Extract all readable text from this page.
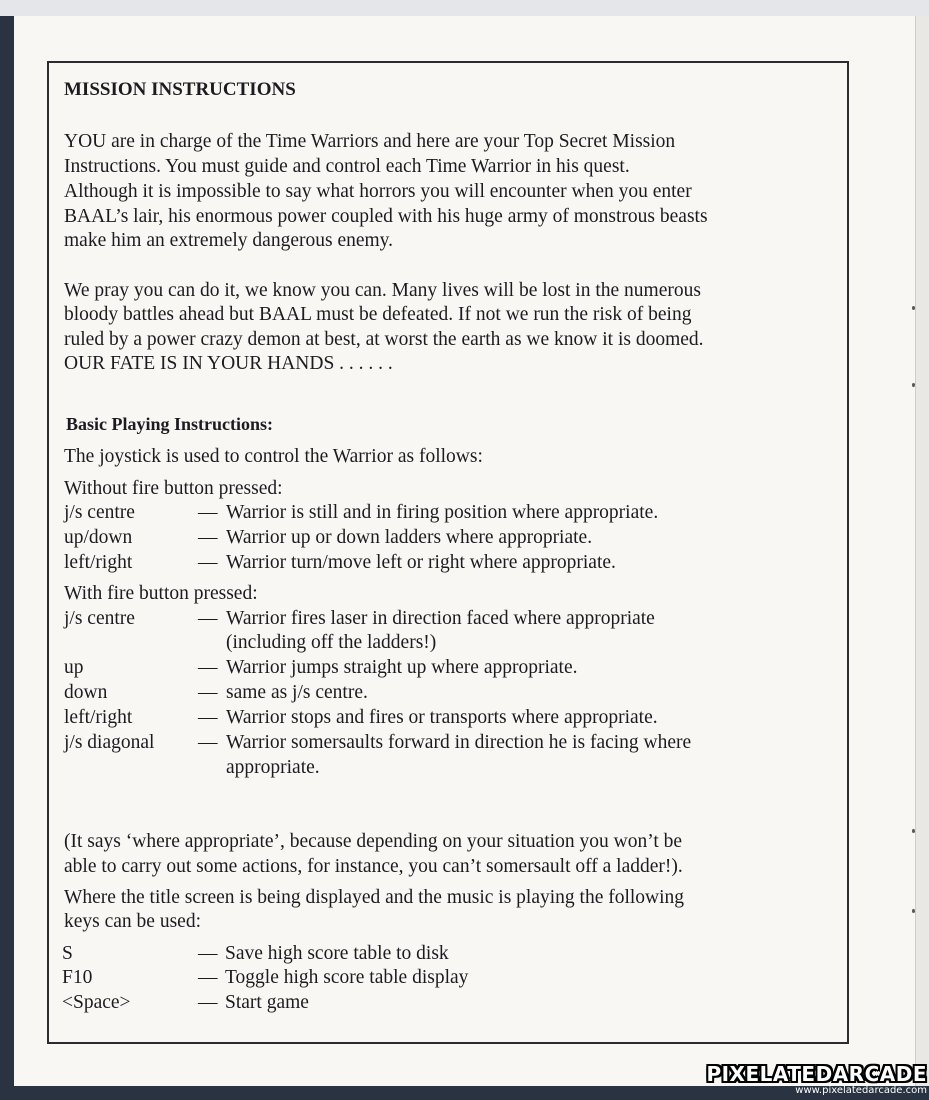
MISSION INSTRUCTIONS
YOU are in charge of the Time Warriors and here are your Top Secret Mission
Instructions. You must guide and control each Time Warrior in his quest.
Although it is impossible to say what horrors you will encounter when you enter
BAAL’s lair, his enormous power coupled with his huge army of monstrous beasts
make him an extremely dangerous enemy.
We pray you can do it, we know you can. Many lives will be lost in the numerous
bloody battles ahead but BAAL must be defeated. If not we run the risk of being
ruled by a power crazy demon at best, at worst the earth as we know it is doomed.
OUR FATE IS IN YOUR HANDS . . . . . .
Basic Playing Instructions:
The joystick is used to control the Warrior as follows:
Without fire button pressed:
j/s centre	— Warrior is still and in firing position where appropriate.
up/down	— Warrior up or down ladders where appropriate.
left/right	— Warrior turn/move left or right where appropriate.
With fire button pressed:
j/s centre	— Warrior fires laser in direction faced where appropriate
(including off the ladders!)
up	— Warrior jumps straight up where appropriate.
down	— same as j/s centre.
left/right	— Warrior stops and fires or transports where appropriate.
j/s diagonal — Warrior somersaults forward in direction he is facing where
appropriate.
(It says ‘where appropriate’, because depending on your situation you won’t be
able to carry out some actions, for instance, you can’t somersault off a ladder!).
Where the title screen is being displayed and the music is playing the following
keys can be used:
S	— Save high score table to disk
F10	— Toggle high score table display
<Space>	— Start game
PIXELATEDARCADE
www.pixelatedarcade.com
